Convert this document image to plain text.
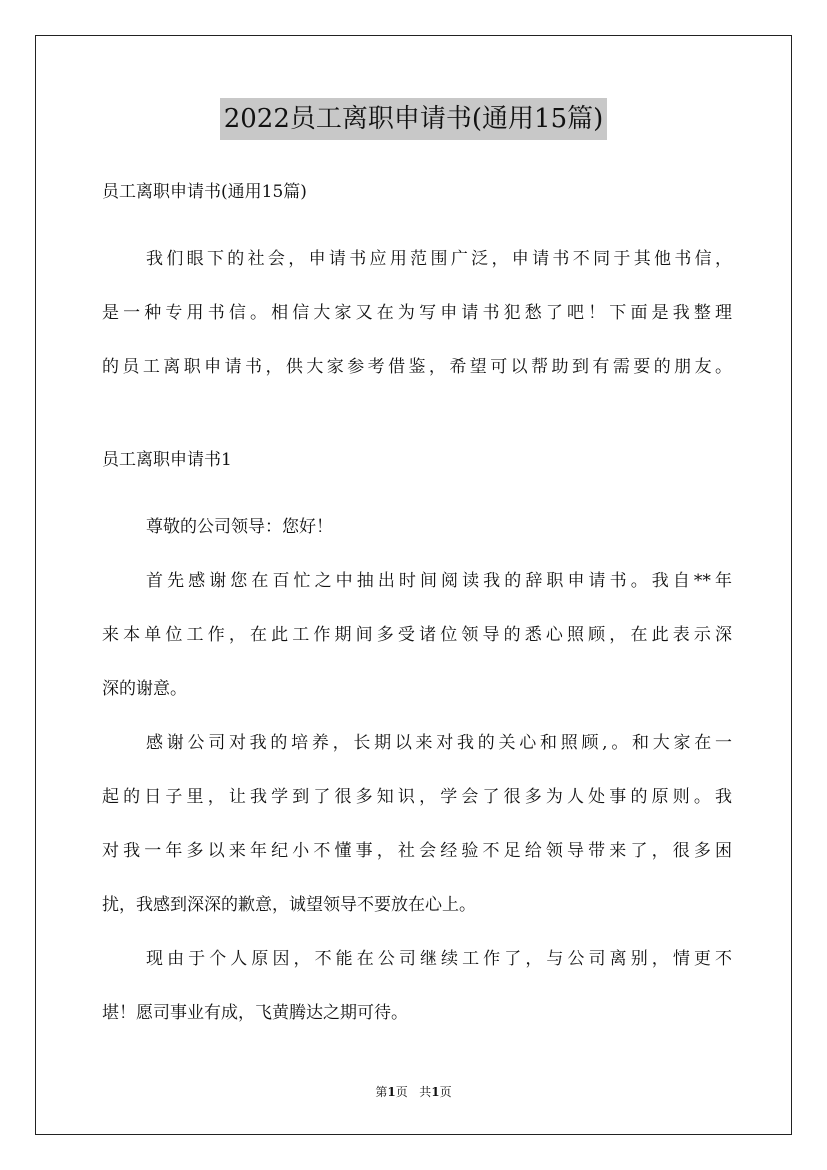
2022员工离职申请书(通用15篇)

员工离职申请书(通用15篇)

我们眼下的社会，申请书应用范围广泛，申请书不同于其他书信，

是一种专用书信。相信大家又在为写申请书犯愁了吧！下面是我整理

的员工离职申请书，供大家参考借鉴，希望可以帮助到有需要的朋友。

员工离职申请书1

尊敬的公司领导：您好！

首先感谢您在百忙之中抽出时间阅读我的辞职申请书。我自**年

来本单位工作，在此工作期间多受诸位领导的悉心照顾，在此表示深

深的谢意。

感谢公司对我的培养，长期以来对我的关心和照顾,。和大家在一

起的日子里，让我学到了很多知识，学会了很多为人处事的原则。我

对我一年多以来年纪小不懂事，社会经验不足给领导带来了，很多困

扰，我感到深深的歉意，诚望领导不要放在心上。

现由于个人原因，不能在公司继续工作了，与公司离别，情更不

堪！愿司事业有成，飞黄腾达之期可待。

第1页 共1页
